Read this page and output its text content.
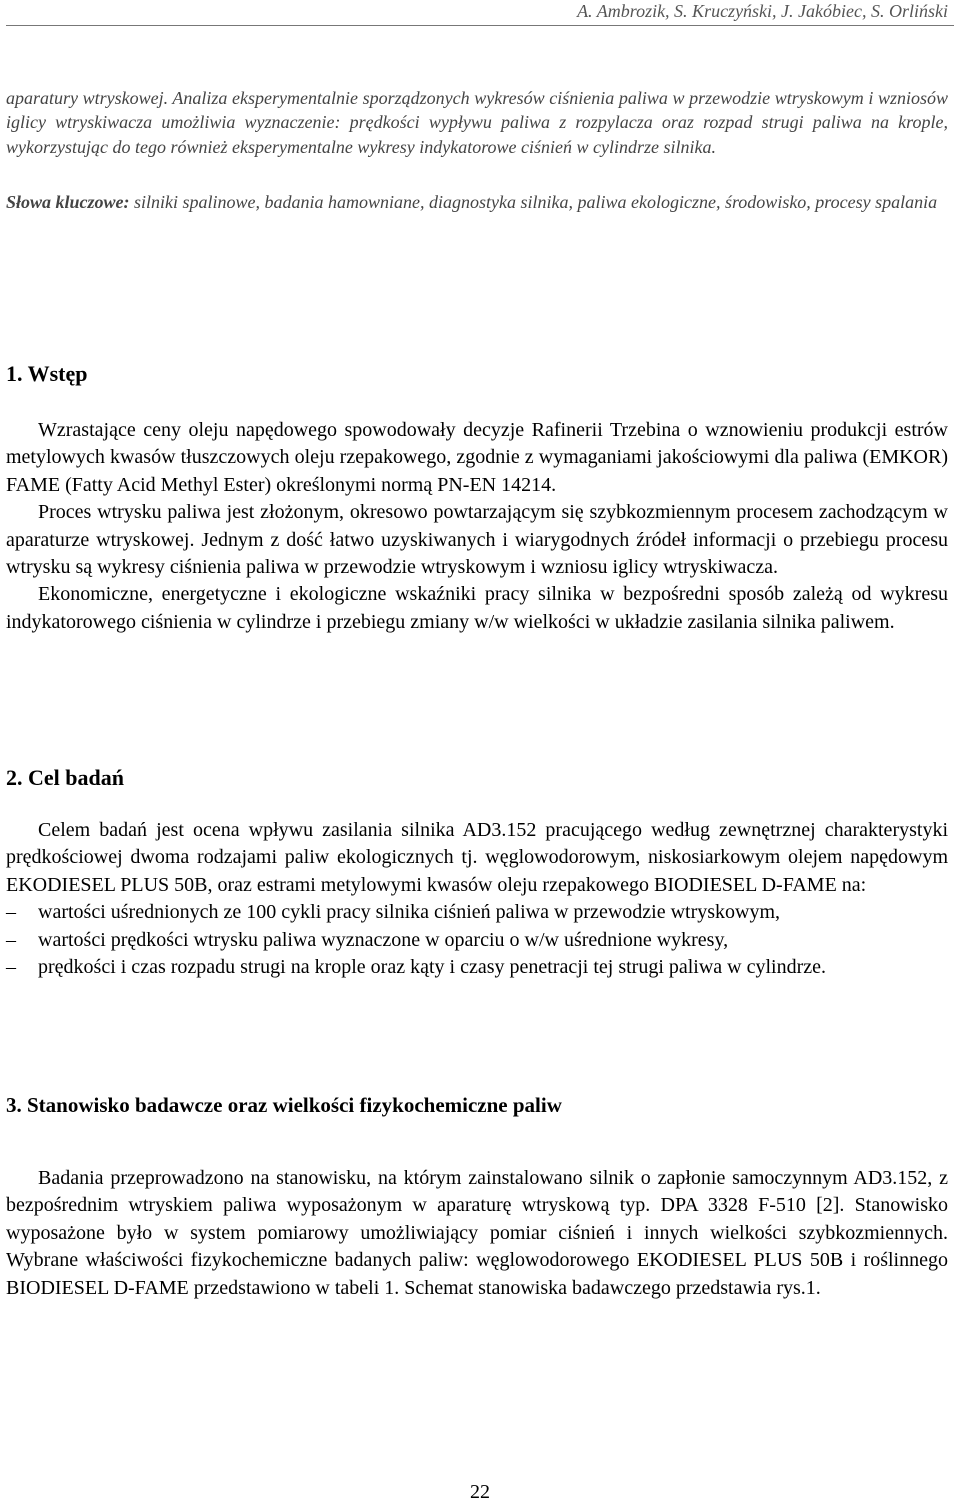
A. Ambrozik, S. Kruczyński, J. Jakóbiec, S. Orliński

aparatury wtryskowej. Analiza eksperymentalnie sporządzonych wykresów ciśnienia paliwa w przewodzie wtryskowym i wzniosów iglicy wtryskiwacza umożliwia wyznaczenie: prędkości wypływu paliwa z rozpylacza oraz rozpad strugi paliwa na krople, wykorzystując do tego również eksperymentalne wykresy indykatorowe ciśnień w cylindrze silnika.

Słowa kluczowe: silniki spalinowe, badania hamowniane, diagnostyka silnika, paliwa ekologiczne, środowisko, procesy spalania

1. Wstęp

Wzrastające ceny oleju napędowego spowodowały decyzje Rafinerii Trzebina o wznowieniu produkcji estrów metylowych kwasów tłuszczowych oleju rzepakowego, zgodnie z wymaganiami jakościowymi dla paliwa (EMKOR) FAME (Fatty Acid Methyl Ester) określonymi normą PN-EN 14214.

Proces wtrysku paliwa jest złożonym, okresowo powtarzającym się szybkozmiennym procesem zachodzącym w aparaturze wtryskowej. Jednym z dość łatwo uzyskiwanych i wiarygodnych źródeł informacji o przebiegu procesu wtrysku są wykresy ciśnienia paliwa w przewodzie wtryskowym i wzniosu iglicy wtryskiwacza.

Ekonomiczne, energetyczne i ekologiczne wskaźniki pracy silnika w bezpośredni sposób zależą od wykresu indykatorowego ciśnienia w cylindrze i przebiegu zmiany w/w wielkości w układzie zasilania silnika paliwem.

2. Cel badań

Celem badań jest ocena wpływu zasilania silnika AD3.152 pracującego według zewnętrznej charakterystyki prędkościowej dwoma rodzajami paliw ekologicznych tj. węglowodorowym, niskosiarkowym olejem napędowym EKODIESEL PLUS 50B, oraz estrami metylowymi kwasów oleju rzepakowego BIODIESEL D-FAME na:

– wartości uśrednionych ze 100 cykli pracy silnika ciśnień paliwa w przewodzie wtryskowym,
– wartości prędkości wtrysku paliwa wyznaczone w oparciu o w/w uśrednione wykresy,
– prędkości i czas rozpadu strugi na krople oraz kąty i czasy penetracji tej strugi paliwa w cylindrze.
3. Stanowisko badawcze oraz wielkości fizykochemiczne paliw

Badania przeprowadzono na stanowisku, na którym zainstalowano silnik o zapłonie samoczynnym AD3.152, z bezpośrednim wtryskiem paliwa wyposażonym w aparaturę wtryskową typ. DPA 3328 F-510 [2]. Stanowisko wyposażone było w system pomiarowy umożliwiający pomiar ciśnień i innych wielkości szybkozmiennych. Wybrane właściwości fizykochemiczne badanych paliw: węglowodorowego EKODIESEL PLUS 50B i roślinnego BIODIESEL D-FAME przedstawiono w tabeli 1. Schemat stanowiska badawczego przedstawia rys.1.

22
